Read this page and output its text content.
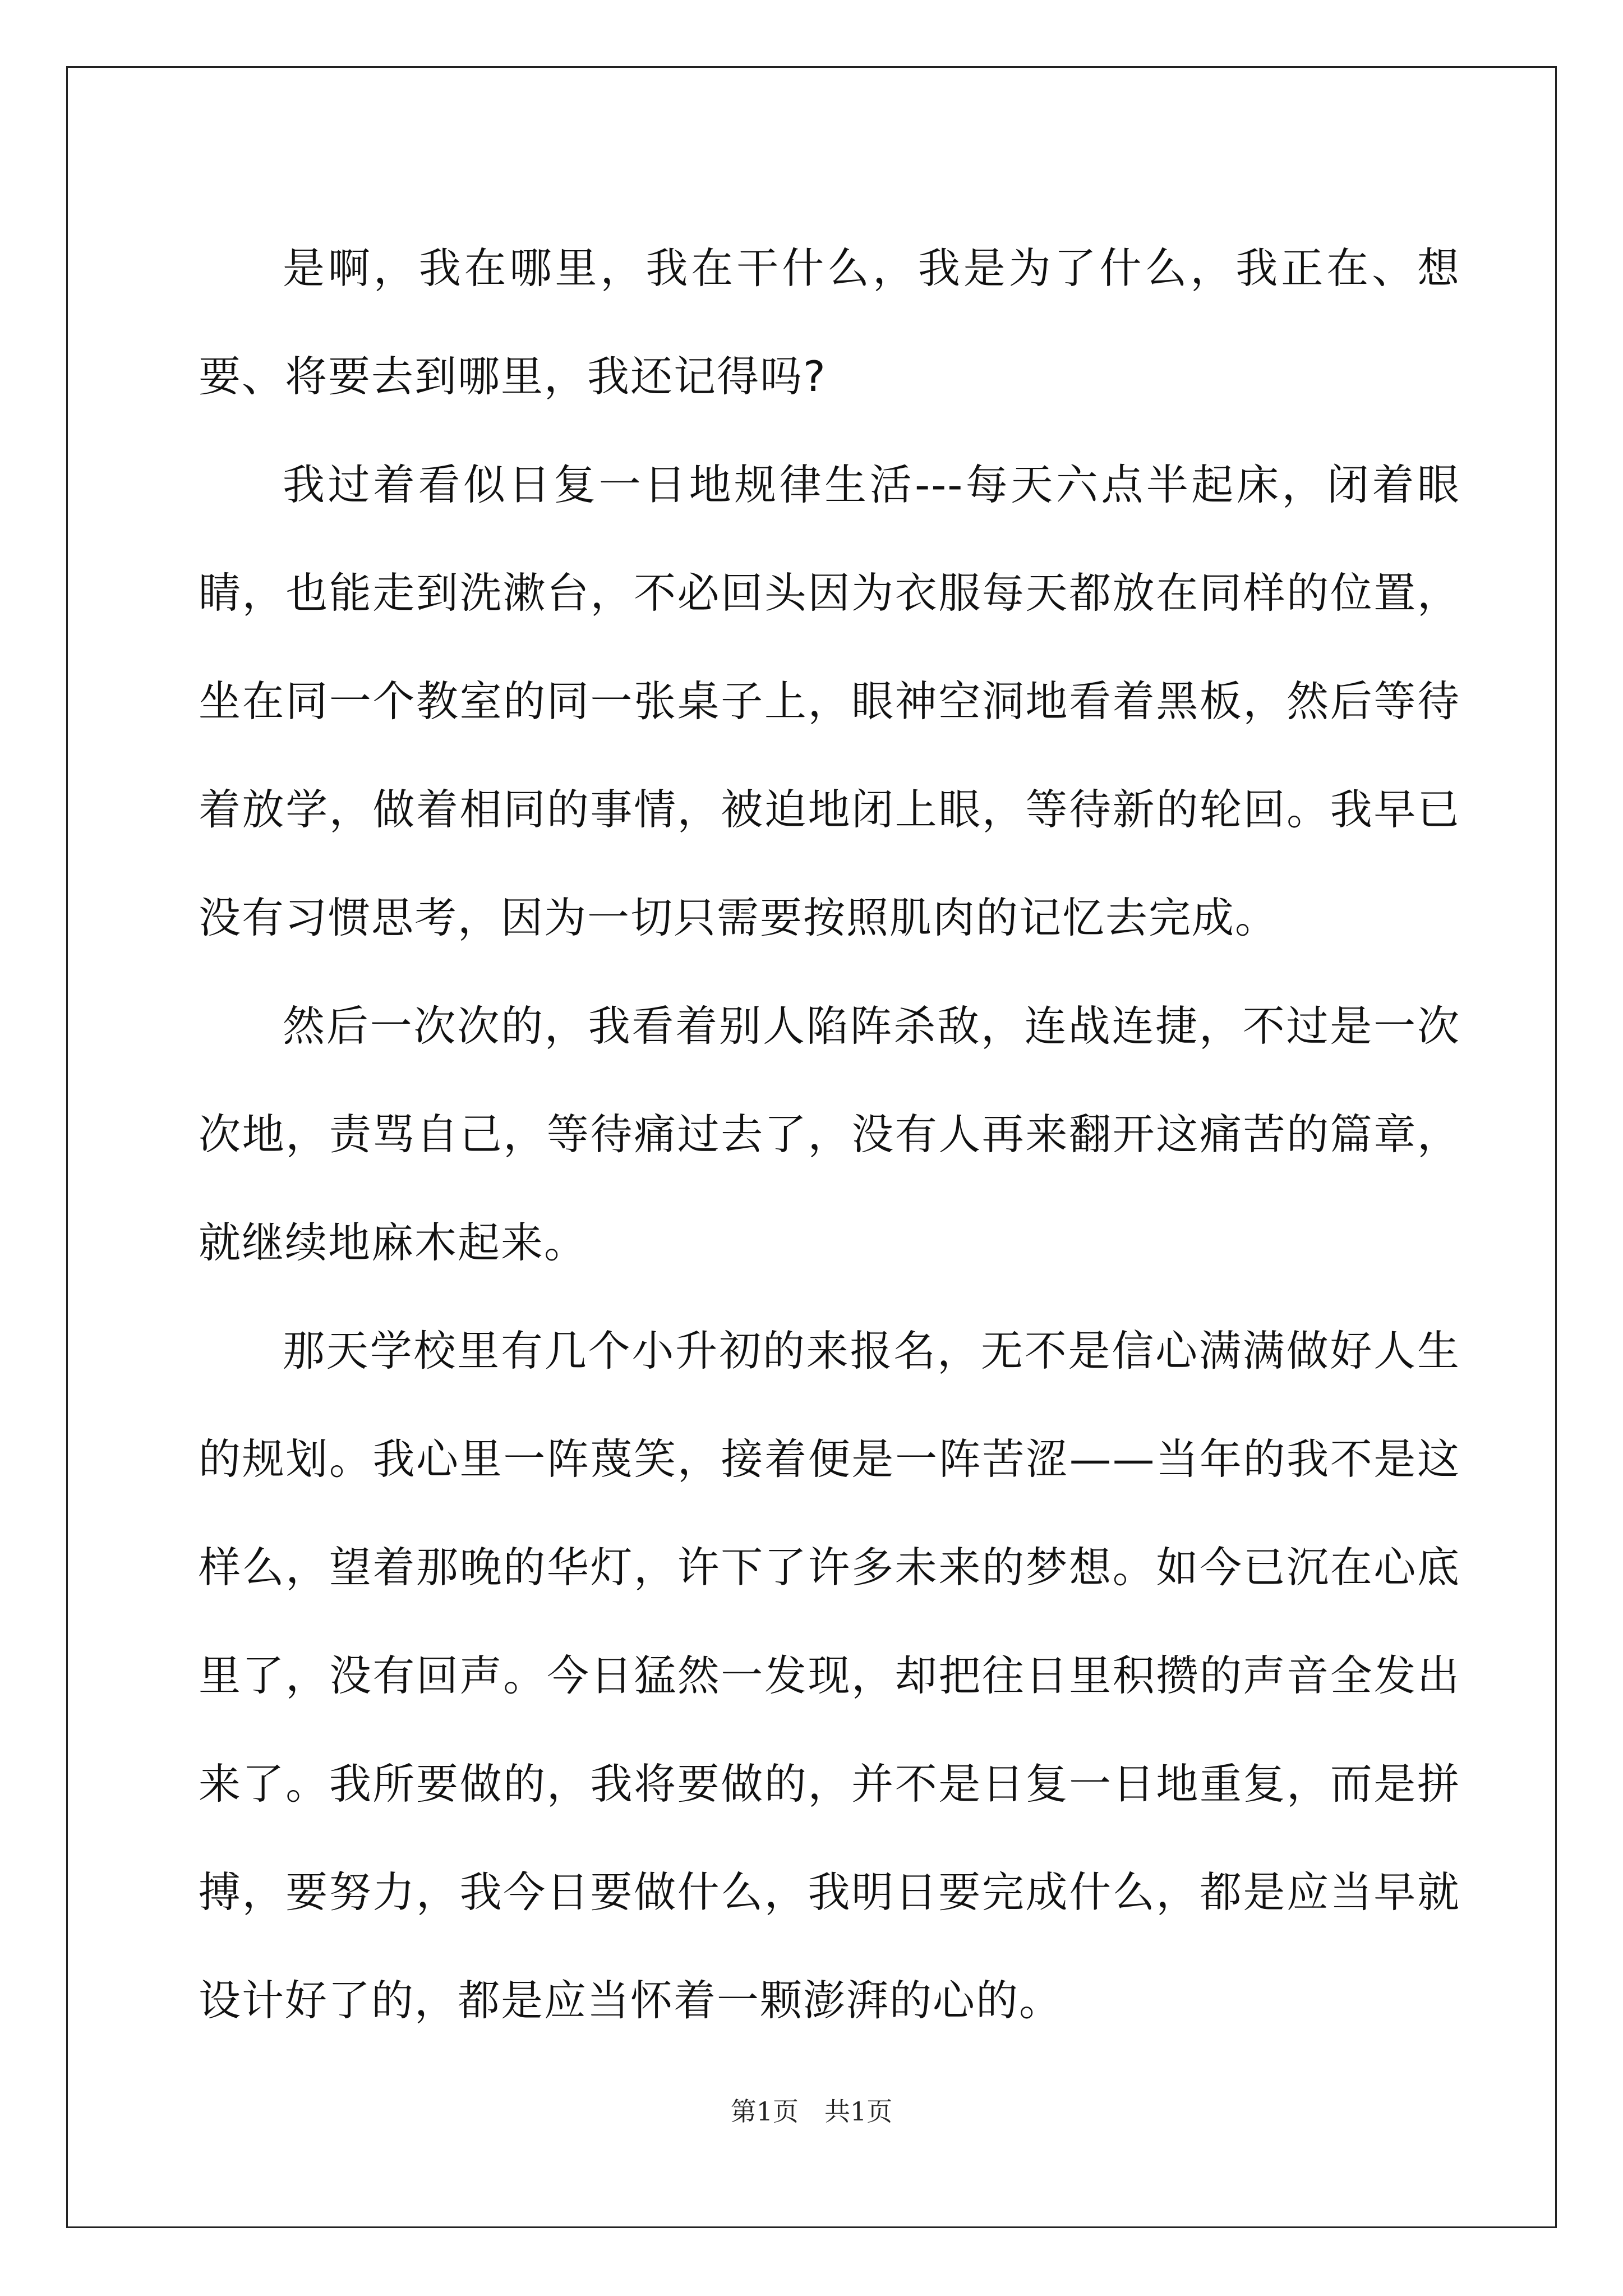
是啊，我在哪里，我在干什么，我是为了什么，我正在、想要、将要去到哪里，我还记得吗?

我过着看似日复一日地规律生活---每天六点半起床，闭着眼睛，也能走到洗漱台，不必回头因为衣服每天都放在同样的位置，坐在同一个教室的同一张桌子上，眼神空洞地看着黑板，然后等待着放学，做着相同的事情，被迫地闭上眼，等待新的轮回。我早已没有习惯思考，因为一切只需要按照肌肉的记忆去完成。

然后一次次的，我看着别人陷阵杀敌，连战连捷，不过是一次次地，责骂自己，等待痛过去了，没有人再来翻开这痛苦的篇章，就继续地麻木起来。

那天学校里有几个小升初的来报名，无不是信心满满做好人生的规划。我心里一阵蔑笑，接着便是一阵苦涩——当年的我不是这样么，望着那晚的华灯，许下了许多未来的梦想。如今已沉在心底里了，没有回声。今日猛然一发现，却把往日里积攒的声音全发出来了。我所要做的，我将要做的，并不是日复一日地重复，而是拼搏，要努力，我今日要做什么，我明日要完成什么，都是应当早就设计好了的，都是应当怀着一颗澎湃的心的。

第1页　共1页
